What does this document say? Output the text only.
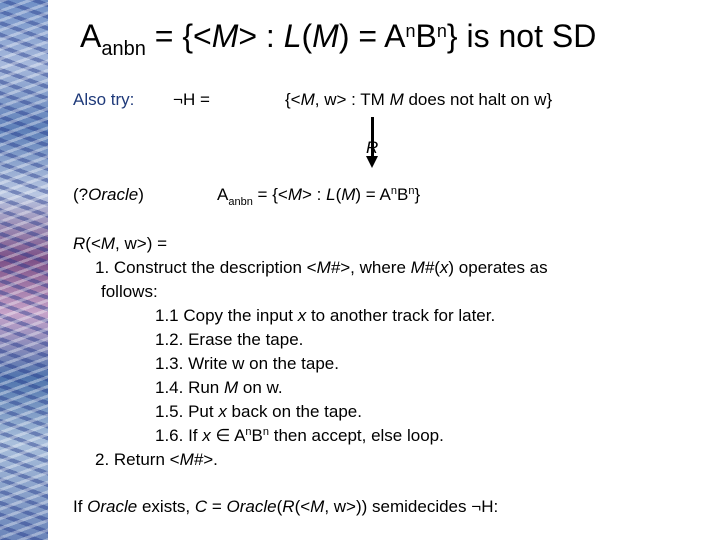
$A_{anbn} = \{<M>$ : $L(M) = A^nB^n$} is not SD
Also try: ¬H =	{<M, w> : TM M does not halt on w}
R
(?Oracle)	$A_{anbn} = \{<M>$ : $L(M) = A^nB^n$}
R(<M, w>) =
1. Construct the description <M#>, where M#(x) operates as
follows:
1.1 Copy the input x to another track for later.
1.2. Erase the tape.
1.3. Write w on the tape.
1.4. Run M on w.
1.5. Put x back on the tape.
1.6. If x ∈ $A^nB^n$ then accept, else loop.
2. Return <M#>.
If Oracle exists, C = Oracle(R(<M, w>)) semidecides ¬H:
